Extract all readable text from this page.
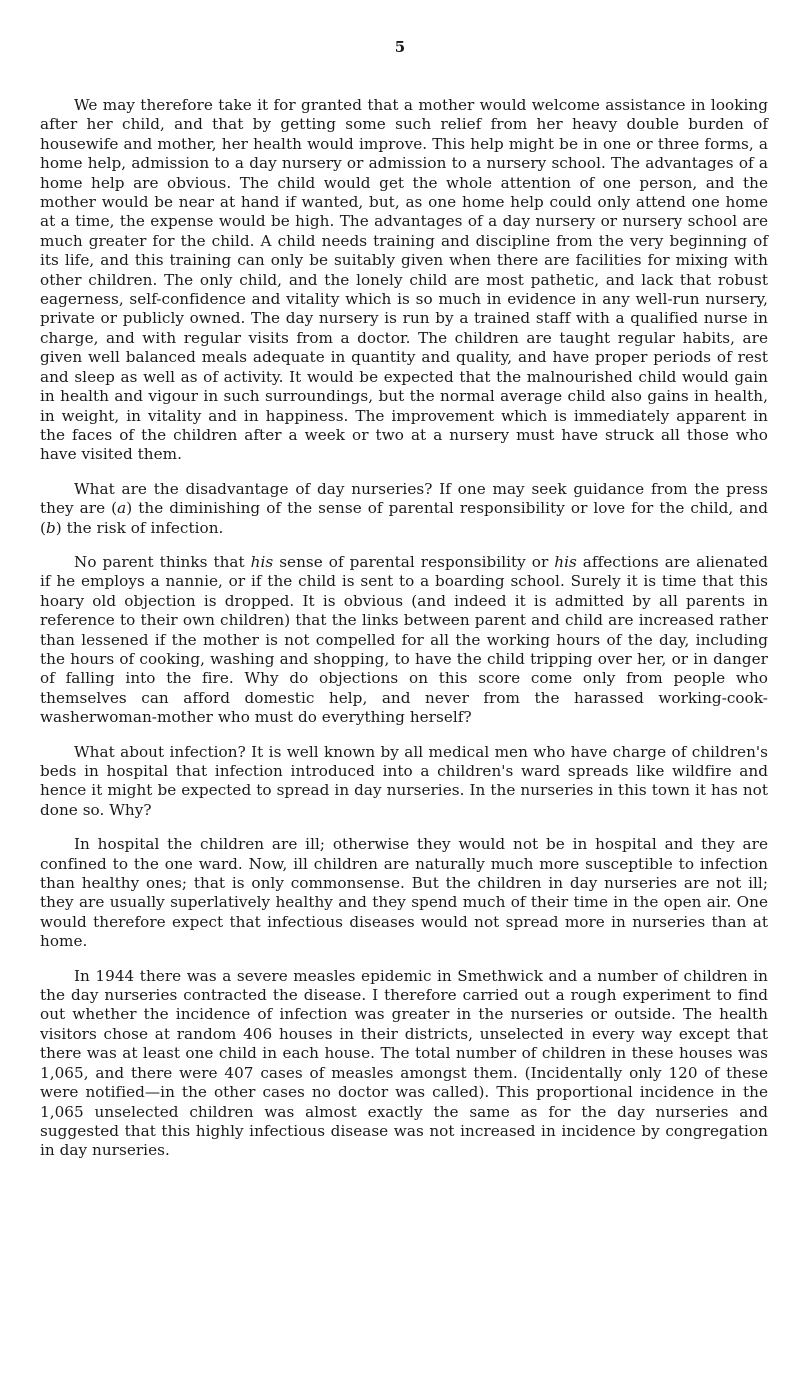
5

We may therefore take it for granted that a mother would welcome assistance in looking after her child, and that by getting some such relief from her heavy double burden of housewife and mother, her health would improve. This help might be in one or three forms, a home help, admission to a day nursery or admission to a nursery school. The advantages of a home help are obvious. The child would get the whole attention of one person, and the mother would be near at hand if wanted, but, as one home help could only attend one home at a time, the expense would be high. The advantages of a day nursery or nursery school are much greater for the child. A child needs training and discipline from the very beginning of its life, and this training can only be suitably given when there are facilities for mixing with other children. The only child, and the lonely child are most pathetic, and lack that robust eagerness, self-confidence and vitality which is so much in evidence in any well-run nursery, private or publicly owned. The day nursery is run by a trained staff with a qualified nurse in charge, and with regular visits from a doctor. The children are taught regular habits, are given well balanced meals adequate in quantity and quality, and have proper periods of rest and sleep as well as of activity. It would be expected that the malnourished child would gain in health and vigour in such surroundings, but the normal average child also gains in health, in weight, in vitality and in happiness. The improvement which is immediately apparent in the faces of the children after a week or two at a nursery must have struck all those who have visited them.

What are the disadvantage of day nurseries? If one may seek guidance from the press they are (a) the diminishing of the sense of parental responsibility or love for the child, and (b) the risk of infection.

No parent thinks that his sense of parental responsibility or his affections are alienated if he employs a nannie, or if the child is sent to a boarding school. Surely it is time that this hoary old objection is dropped. It is obvious (and indeed it is admitted by all parents in reference to their own children) that the links between parent and child are increased rather than lessened if the mother is not compelled for all the working hours of the day, including the hours of cooking, washing and shopping, to have the child tripping over her, or in danger of falling into the fire. Why do objections on this score come only from people who themselves can afford domestic help, and never from the harassed working-cook-washerwoman-mother who must do everything herself?

What about infection? It is well known by all medical men who have charge of children's beds in hospital that infection introduced into a children's ward spreads like wildfire and hence it might be expected to spread in day nurseries. In the nurseries in this town it has not done so. Why?

In hospital the children are ill; otherwise they would not be in hospital and they are confined to the one ward. Now, ill children are naturally much more susceptible to infection than healthy ones; that is only commonsense. But the children in day nurseries are not ill; they are usually superlatively healthy and they spend much of their time in the open air. One would therefore expect that infectious diseases would not spread more in nurseries than at home.

In 1944 there was a severe measles epidemic in Smethwick and a number of children in the day nurseries contracted the disease. I therefore carried out a rough experiment to find out whether the incidence of infection was greater in the nurseries or outside. The health visitors chose at random 406 houses in their districts, unselected in every way except that there was at least one child in each house. The total number of children in these houses was 1,065, and there were 407 cases of measles amongst them. (Incidentally only 120 of these were notified—in the other cases no doctor was called). This proportional incidence in the 1,065 unselected children was almost exactly the same as for the day nurseries and suggested that this highly infectious disease was not increased in incidence by congregation in day nurseries.
